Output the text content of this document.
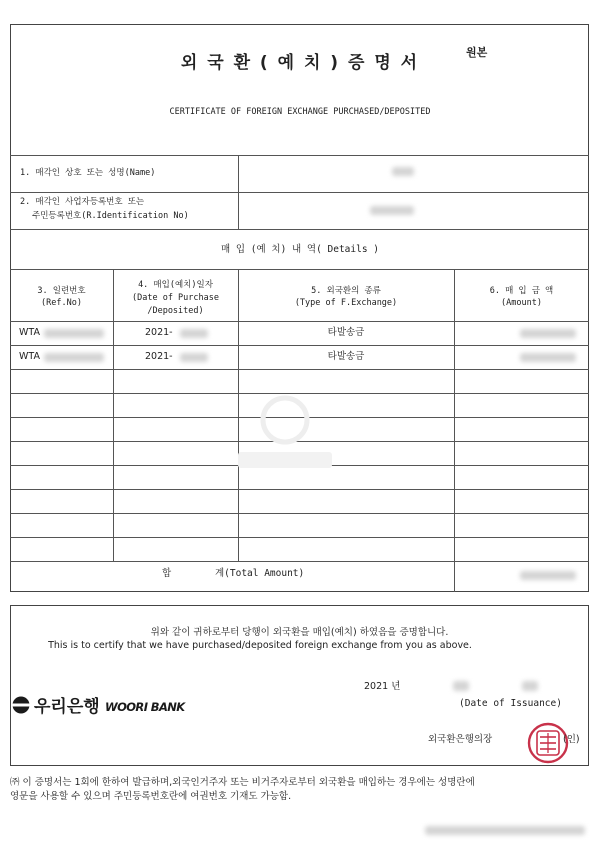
외 국 환 ( 예 치 ) 증 명 서
원본
CERTIFICATE OF FOREIGN EXCHANGE PURCHASED/DEPOSITED
1. 매각인 상호 또는 성명(Name)
2. 매각인 사업자등록번호 또는
주민등록번호(R.Identification No)
매 입 (예 치) 내 역( Details )
3. 일련번호
(Ref.No)
4. 매입(예치)일자
(Date of Purchase
/Deposited)
5. 외국환의 종류
(Type of F.Exchange)
6. 매 입 금 액
(Amount)
WTA	2021-	타발송금
WTA	2021-	타발송금
합	계(Total Amount)
위와 같이 귀하로부터 당행이 외국환을 매입(예치) 하였음을 증명합니다.
This is to certify that we have purchased/deposited foreign exchange from you as above.
2021 년
(Date of Issuance)
우리은행 WOORI BANK
외국환은행의장	(인)
㈜ 이 증명서는 1회에 한하여 발급하며,외국인거주자 또는 비거주자로부터 외국환을 매입하는 경우에는 성명란에
영문을 사용할 수 있으며 주민등록번호란에 여권번호 기재도 가능함.
